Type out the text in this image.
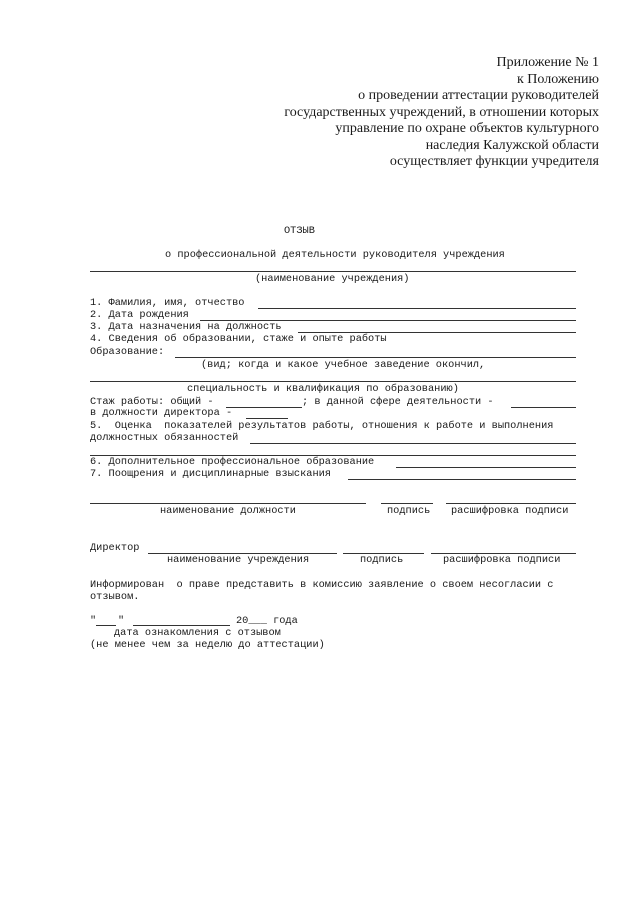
Приложение № 1
к Положению
о проведении аттестации руководителей
государственных учреждений, в отношении которых
управление по охране объектов культурного
наследия Калужской области
осуществляет функции учредителя
ОТЗЫВ
о профессиональной деятельности руководителя учреждения
(наименование учреждения)
1. Фамилия, имя, отчество
2. Дата рождения
3. Дата назначения на должность
4. Сведения об образовании, стаже и опыте работы
Образование:
(вид; когда и какое учебное заведение окончил,
специальность и квалификация по образованию)
Стаж работы: общий -	; в данной сфере деятельности -
в должности директора -
5.  Оценка  показателей результатов работы, отношения к работе и выполнения
должностных обязанностей
6. Дополнительное профессиональное образование
7. Поощрения и дисциплинарные взыскания
наименование должности	подпись расшифровка подписи
Директор
наименование учреждения	подпись	расшифровка подписи
Информирован  о праве представить в комиссию заявление о своем несогласии с
отзывом.
" "	20___ года
дата ознакомления с отзывом
(не менее чем за неделю до аттестации)
